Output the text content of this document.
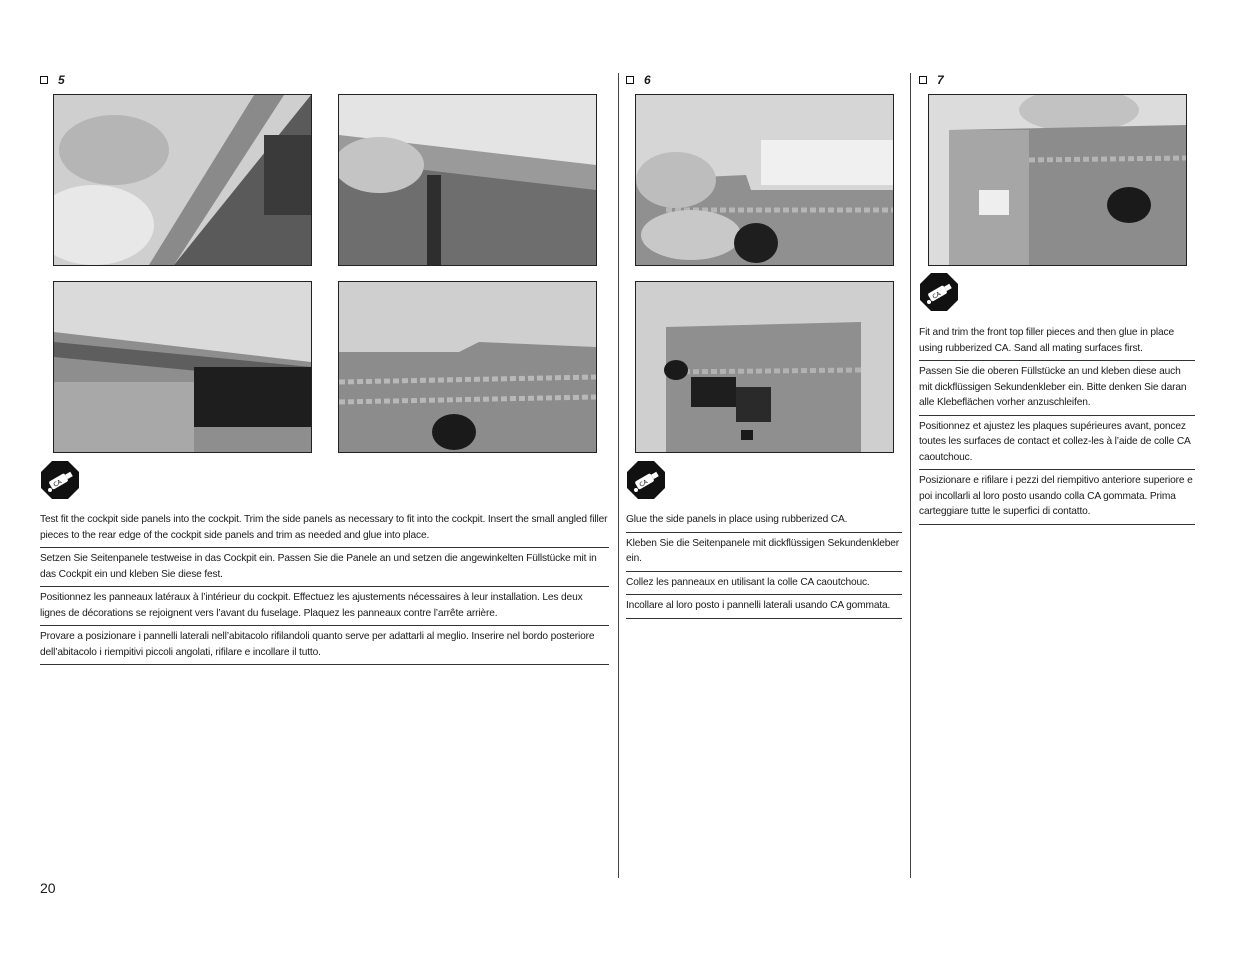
5
CA

Test fit the cockpit side panels into the cockpit. Trim the side panels as necessary to fit into the cockpit. Insert the small angled filler pieces to the rear edge of the cockpit side panels and trim as needed and glue into place.

Setzen Sie Seitenpanele testweise in das Cockpit ein. Passen Sie die Panele an und setzen die angewinkelten Füllstücke mit in das Cockpit ein und kleben Sie diese fest.

Positionnez les panneaux latéraux à l’intérieur du cockpit. Effectuez les ajustements nécessaires à leur installation. Les deux lignes de décorations se rejoignent vers l’avant du fuselage. Plaquez les panneaux contre l’arrête arrière.

Provare a posizionare i pannelli laterali nell’abitacolo rifilandoli quanto serve per adattarli al meglio. Inserire nel bordo posteriore dell’abitacolo i riempitivi piccoli angolati, rifilare e incollare il tutto.

6
CA

Glue the side panels in place using rubberized CA.

Kleben Sie die Seitenpanele mit dickflüssigen Sekundenkleber ein.

Collez les panneaux en utilisant la colle CA caoutchouc.

Incollare al loro posto i pannelli laterali usando CA gommata.

7
CA

Fit and trim the front top filler pieces and then glue in place using rubberized CA. Sand all mating surfaces first.

Passen Sie die oberen Füllstücke an und kleben diese auch mit dickflüssigen Sekundenkleber ein. Bitte denken Sie daran alle Klebeflächen vorher anzuschleifen.

Positionnez et ajustez les plaques supérieures avant, poncez toutes les surfaces de contact et collez-les à l’aide de colle CA caoutchouc.

Posizionare e rifilare i pezzi del riempitivo anteriore superiore e poi incollarli al loro posto usando colla CA gommata. Prima carteggiare tutte le superfici di contatto.

20
